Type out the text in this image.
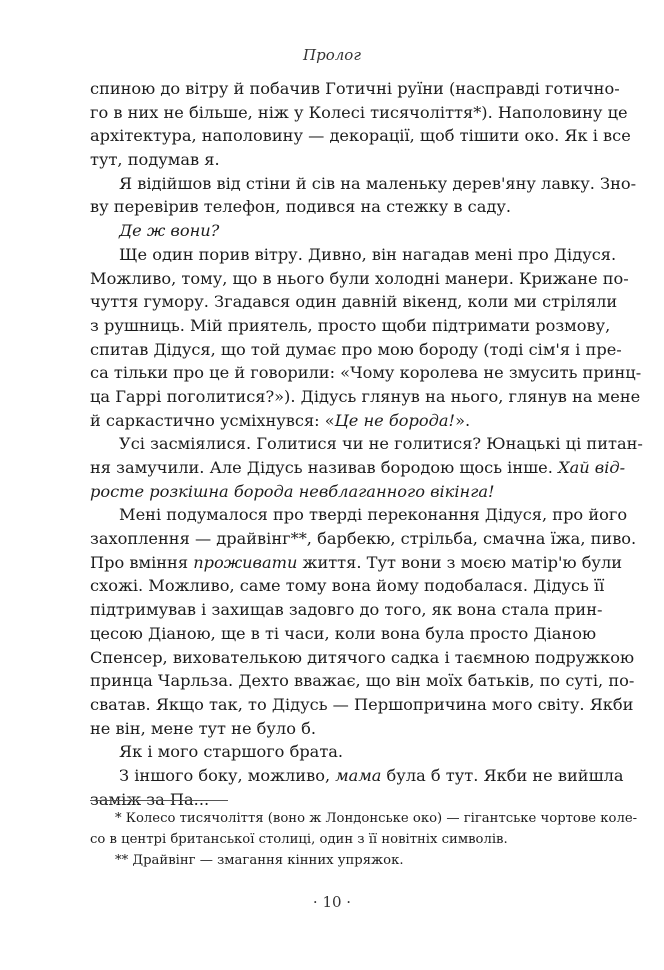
Пролог
спиною до вітру й побачив Готичні руїни (насправді готично-
го в них не більше, ніж у Колесі тисячоліття*). Наполовину це
архітектура, наполовину — декорації, щоб тішити око. Як і все
тут, подумав я.
Я відійшов від стіни й сів на маленьку дерев'яну лавку. Зно-
ву перевірив телефон, подився на стежку в саду.
Де ж вони?
Ще один порив вітру. Дивно, він нагадав мені про Дідуся.
Можливо, тому, що в нього були холодні манери. Крижане по-
чуття гумору. Згадався один давній вікенд, коли ми стріляли
з рушниць. Мій приятель, просто щоби підтримати розмову,
спитав Дідуся, що той думає про мою бороду (тоді сім'я і пре-
са тільки про це й говорили: «Чому королева не змусить принц-
ца Гаррі поголитися?»). Дідусь глянув на нього, глянув на мене
й саркастично усміхнувся: «Це не борода!».
Усі засміялися. Голитися чи не голитися? Юнацькі ці питан-
ня замучили. Але Дідусь називав бородою щось інше. Хай від-
росте розкішна борода невблаганного вікінга!
Мені подумалося про тверді переконання Дідуся, про його
захоплення — драйвінг**, барбекю, стрільба, смачна їжа, пиво.
Про вміння проживати життя. Тут вони з моєю матір'ю були
схожі. Можливо, саме тому вона йому подобалася. Дідусь її
підтримував і захищав задовго до того, як вона стала прин-
цесою Діаною, ще в ті часи, коли вона була просто Діаною
Спенсер, вихователькою дитячого садка і таємною подружкою
принца Чарльза. Дехто вважає, що він моїх батьків, по суті, по-
сватав. Якщо так, то Дідусь — Першопричина мого світу. Якби
не він, мене тут не було б.
Як і мого старшого брата.
З іншого боку, можливо, мама була б тут. Якби не вийшла
заміж за Па...
* Колесо тисячоліття (воно ж Лондонське око) — гігантське чортове коле-
со в центрі британської столиці, один з її новітніх символів.
** Драйвінг — змагання кінних упряжок.
· 10 ·
